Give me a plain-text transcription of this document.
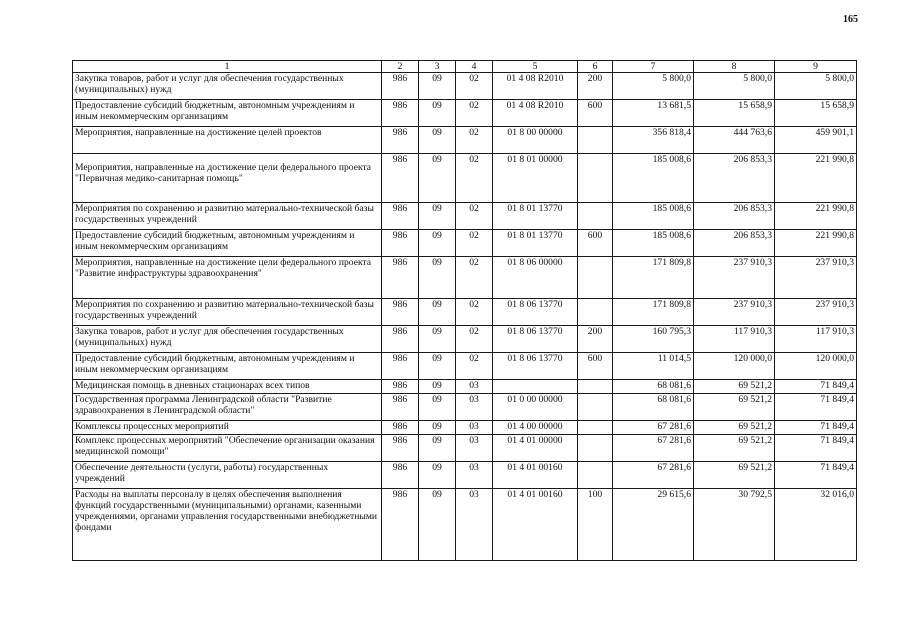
165
1	2	3	4	5	6	7	8	9
Закупка товаров, работ и услуг для обеспечения государственных (муниципальных) нужд	986	09	02	01 4 08 R2010	200	5 800,0	5 800,0	5 800,0
Предоставление субсидий бюджетным, автономным учреждениям и иным некоммерческим организациям	986	09	02	01 4 08 R2010	600	13 681,5	15 658,9	15 658,9
Мероприятия, направленные на достижение целей проектов	986	09	02	01 8 00 00000		356 818,4	444 763,6	459 901,1
Мероприятия, направленные на достижение цели федерального проекта "Первичная медико-санитарная помощь"	986	09	02	01 8 01 00000		185 008,6	206 853,3	221 990,8
Мероприятия по сохранению и развитию материально-технической базы государственных учреждений	986	09	02	01 8 01 13770		185 008,6	206 853,3	221 990,8
Предоставление субсидий бюджетным, автономным учреждениям и иным некоммерческим организациям	986	09	02	01 8 01 13770	600	185 008,6	206 853,3	221 990,8
Мероприятия, направленные на достижение цели федерального проекта "Развитие инфраструктуры здравоохранения"	986	09	02	01 8 06 00000		171 809,8	237 910,3	237 910,3
Мероприятия по сохранению и развитию материально-технической базы государственных учреждений	986	09	02	01 8 06 13770		171 809,8	237 910,3	237 910,3
Закупка товаров, работ и услуг для обеспечения государственных (муниципальных) нужд	986	09	02	01 8 06 13770	200	160 795,3	117 910,3	117 910,3
Предоставление субсидий бюджетным, автономным учреждениям и иным некоммерческим организациям	986	09	02	01 8 06 13770	600	11 014,5	120 000,0	120 000,0
Медицинская помощь в дневных стационарах всех типов	986	09	03			68 081,6	69 521,2	71 849,4
Государственная программа Ленинградской области "Развитие здравоохранения в Ленинградской области"	986	09	03	01 0 00 00000		68 081,6	69 521,2	71 849,4
Комплексы процессных мероприятий	986	09	03	01 4 00 00000		67 281,6	69 521,2	71 849,4
Комплекс процессных мероприятий "Обеспечение организации оказания медицинской помощи"	986	09	03	01 4 01 00000		67 281,6	69 521,2	71 849,4
Обеспечение деятельности (услуги, работы) государственных учреждений	986	09	03	01 4 01 00160		67 281,6	69 521,2	71 849,4
Расходы на выплаты персоналу в целях обеспечения выполнения функций государственными (муниципальными) органами, казенными учреждениями, органами управления государственными внебюджетными фондами	986	09	03	01 4 01 00160	100	29 615,6	30 792,5	32 016,0
